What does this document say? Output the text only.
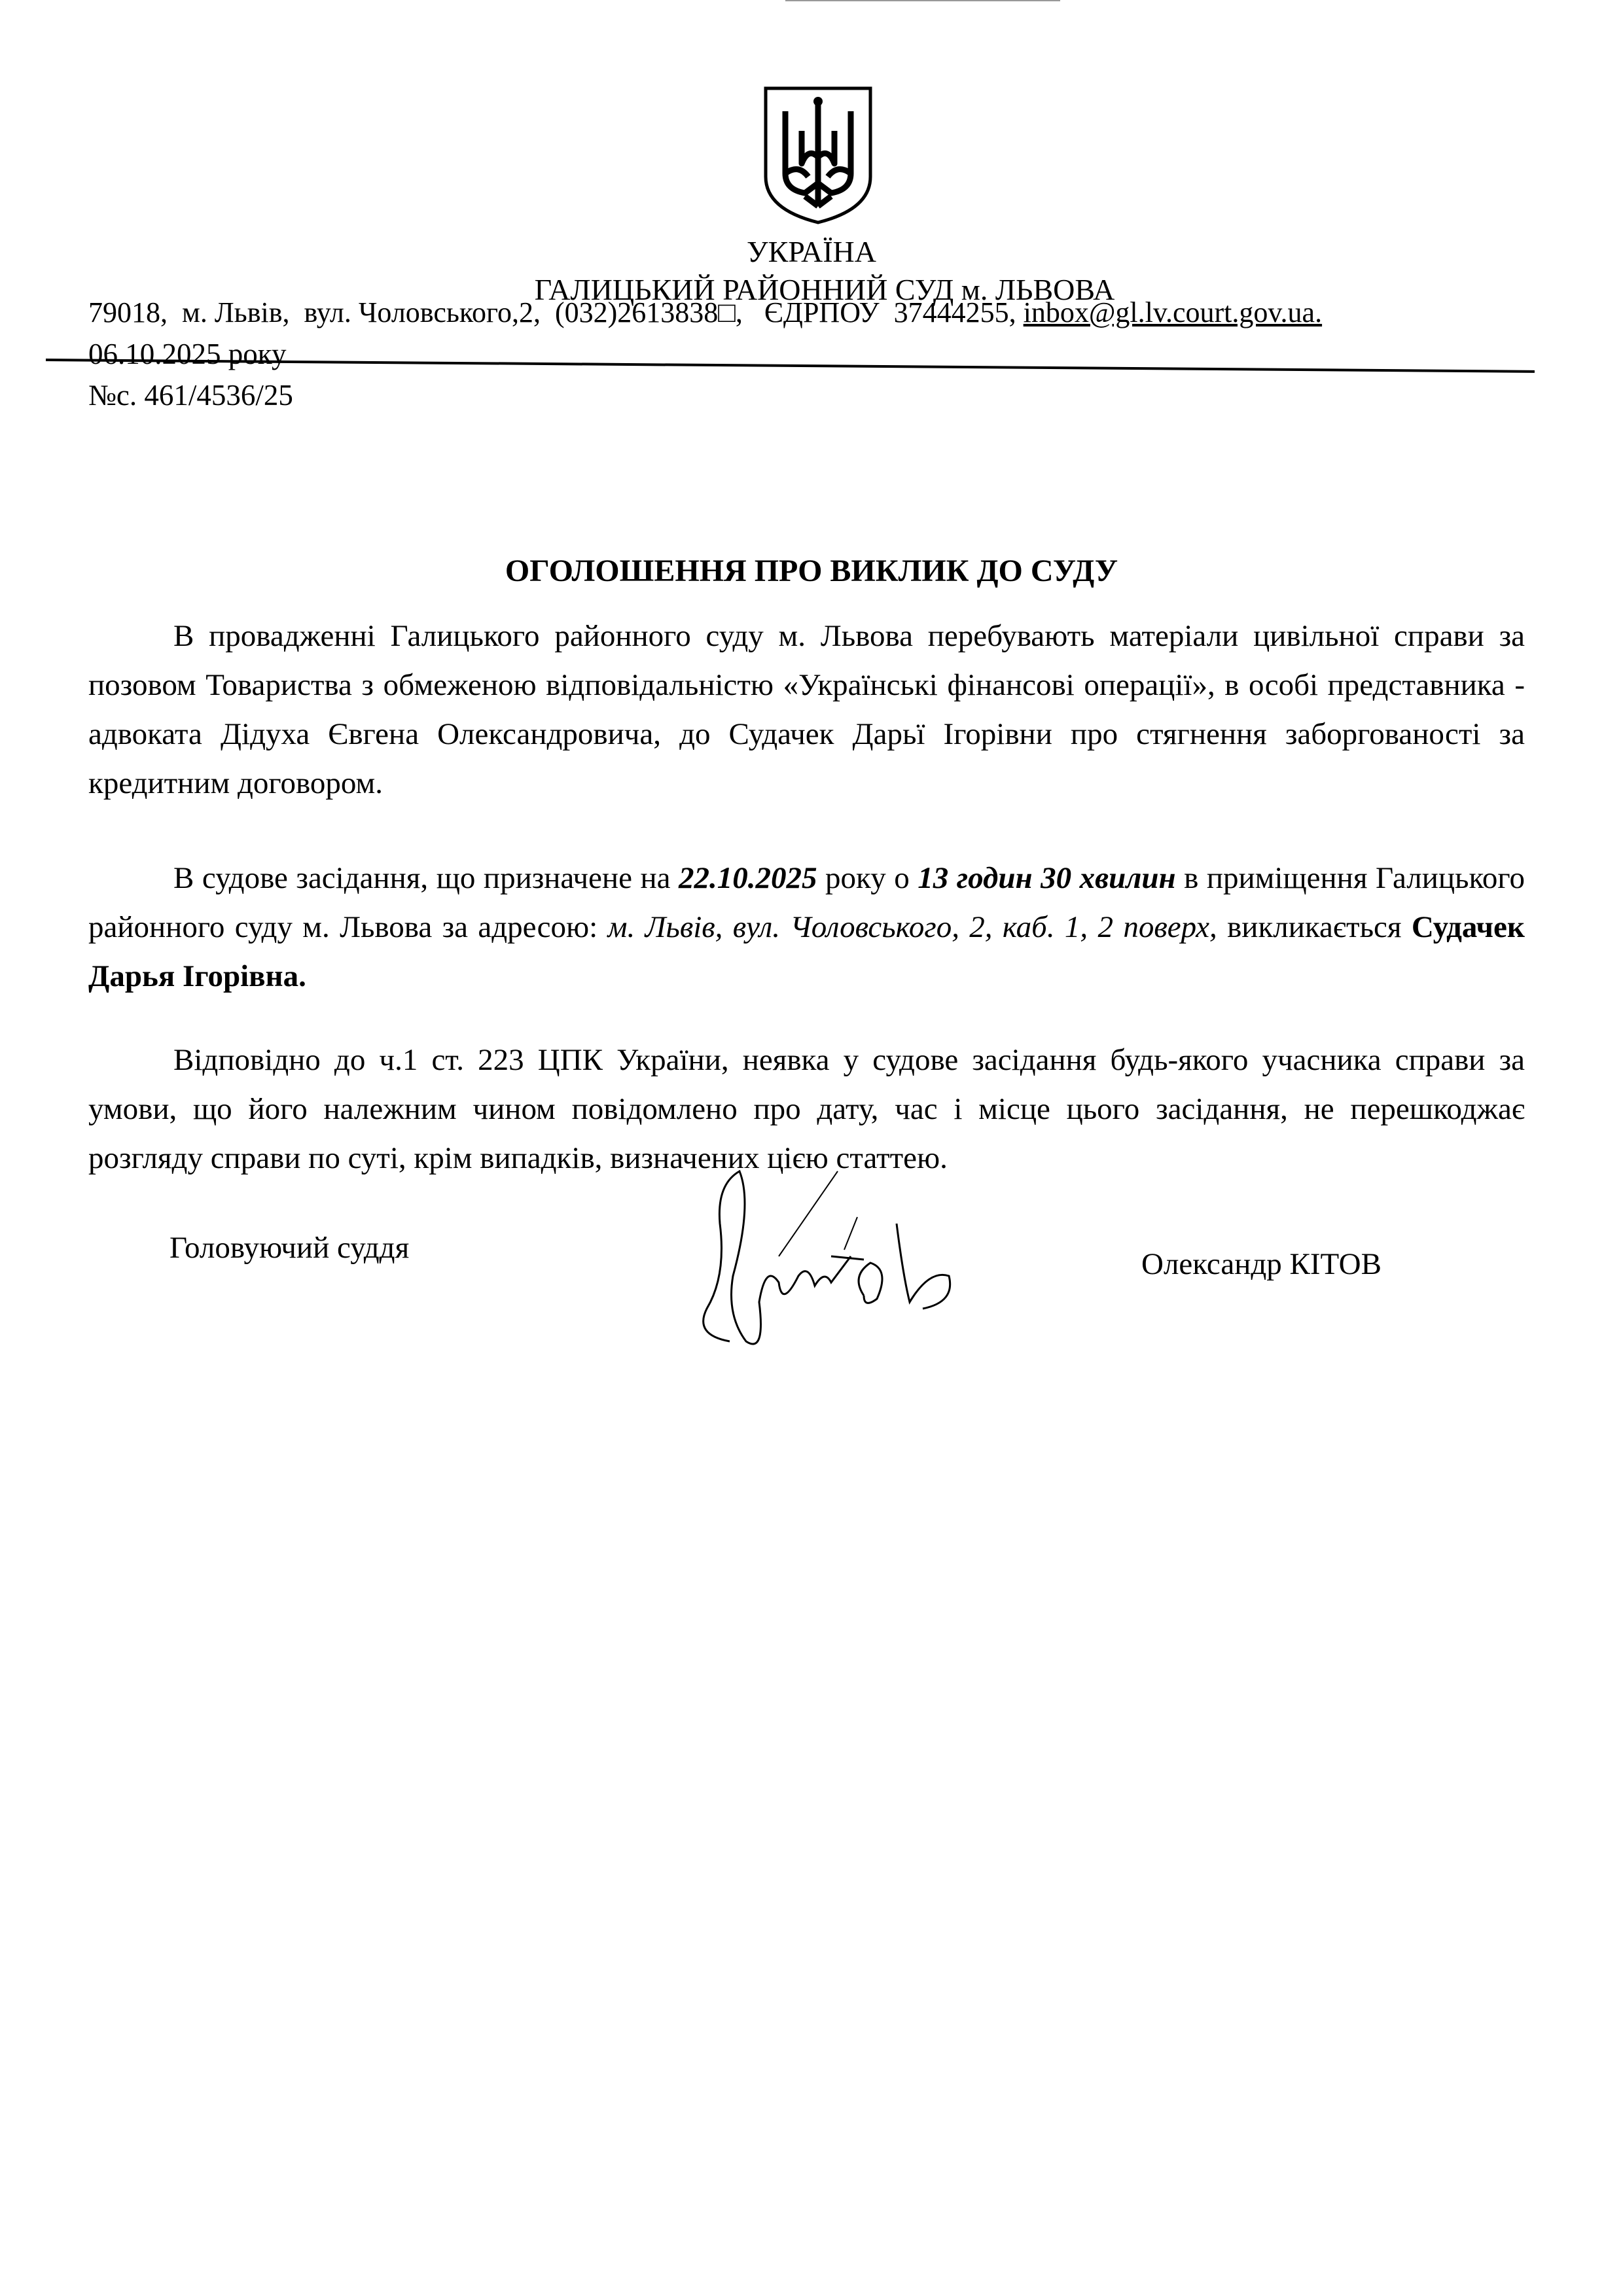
УКРАЇНА
ГАЛИЦЬКИЙ РАЙОННИЙ СУД м. ЛЬВОВА
79018,  м. Львів,  вул. Чоловського,2,  (032)2613838□,   ЄДРПОУ  37444255, inbox@gl.lv.court.gov.ua.
06.10.2025 року
№с. 461/4536/25
ОГОЛОШЕННЯ ПРО ВИКЛИК ДО СУДУ
В провадженні Галицького районного суду м. Львова перебувають матеріали цивільної справи за позовом Товариства з обмеженою відповідальністю «Українські фінансові операції», в особі представника - адвоката Дідуха Євгена Олександровича, до Судачек Дарьї Ігорівни про стягнення заборгованості за кредитним договором.
В судове засідання, що призначене на 22.10.2025 року о 13 годин 30 хвилин в приміщення Галицького районного суду м. Львова за адресою: м. Львів, вул. Чоловського, 2, каб. 1, 2 поверх, викликається Судачек Дарья Ігорівна.
Відповідно до ч.1 ст. 223 ЦПК України, неявка у судове засідання будь-якого учасника справи за умови, що його належним чином повідомлено про дату, час і місце цього засідання, не перешкоджає розгляду справи по суті, крім випадків, визначених цією статтею.
Головуючий суддя	Олександр КІТОВ
